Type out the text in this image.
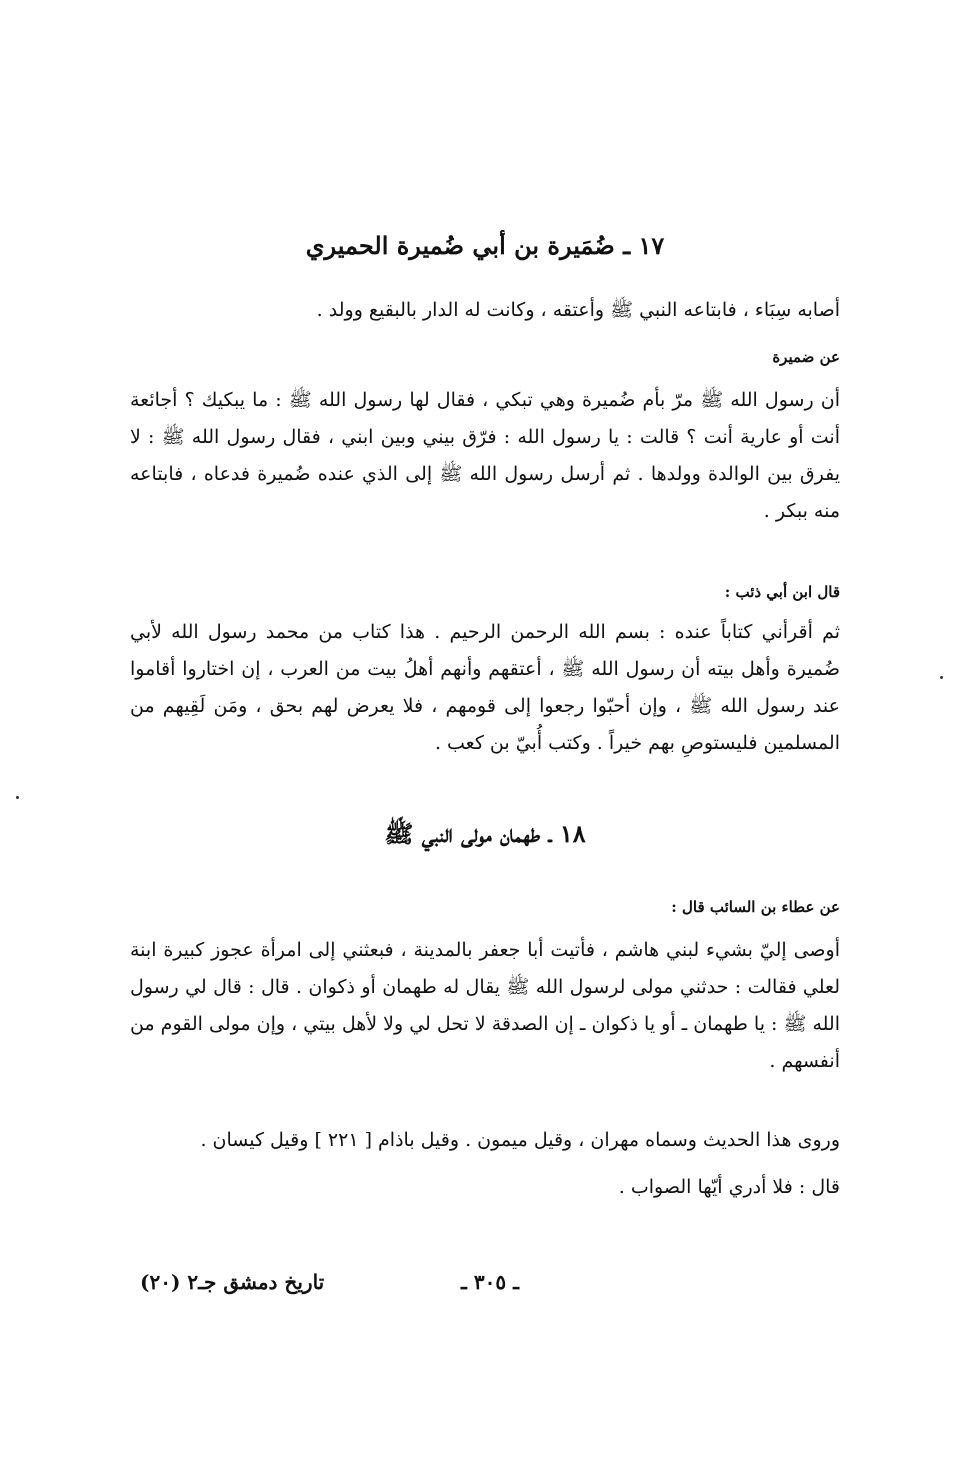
١٧ ـ ضُمَيرة بن أبي ضُميرة الحميري
أصابه سِبَاء ، فابتاعه النبي ﷺ وأعتقه ، وكانت له الدار بالبقيع وولد .
عن ضميرة
أن رسول الله ﷺ مرّ بأم ضُميرة وهي تبكي ، فقال لها رسول الله ﷺ : ما يبكيك ؟ أجائعة أنت أو عارية أنت ؟ قالت : يا رسول الله : فرّق بيني وبين ابني ، فقال رسول الله ﷺ : لا يفرق بين الوالدة وولدها . ثم أرسل رسول الله ﷺ إلى الذي عنده ضُميرة فدعاه ، فابتاعه منه ببكر .
قال ابن أبي ذئب :
ثم أقرأني كتاباً عنده : بسم الله الرحمن الرحيم . هذا كتاب من محمد رسول الله لأبي ضُميرة وأهل بيته أن رسول الله ﷺ ، أعتقهم وأنهم أهلُ بيت من العرب ، إن اختاروا أقاموا عند رسول الله ﷺ ، وإن أحبّوا رجعوا إلى قومهم ، فلا يعرض لهم بحق ، ومَن لَقِيهم من المسلمين فليستوصِ بهم خيراً . وكتب أُبيّ بن كعب .
١٨ ـ طهمان مولى النبي ﷺ
عن عطاء بن السائب قال :
أوصى إليّ بشيء لبني هاشم ، فأتيت أبا جعفر بالمدينة ، فبعثني إلى امرأة عجوز كبيرة ابنة لعلي فقالت : حدثني مولى لرسول الله ﷺ يقال له طهمان أو ذكوان . قال : قال لي رسول الله ﷺ : يا طهمان ـ أو يا ذكوان ـ إن الصدقة لا تحل لي ولا لأهل بيتي ، وإن مولى القوم من أنفسهم .
وروى هذا الحديث وسماه مهران ، وقيل ميمون . وقيل باذام [ ٢٢١ ] وقيل كيسان .
قال : فلا أدري أيّها الصواب .
تاريخ دمشق جـ٢ (٢٠)	ـ ٣٠٥ ـ
